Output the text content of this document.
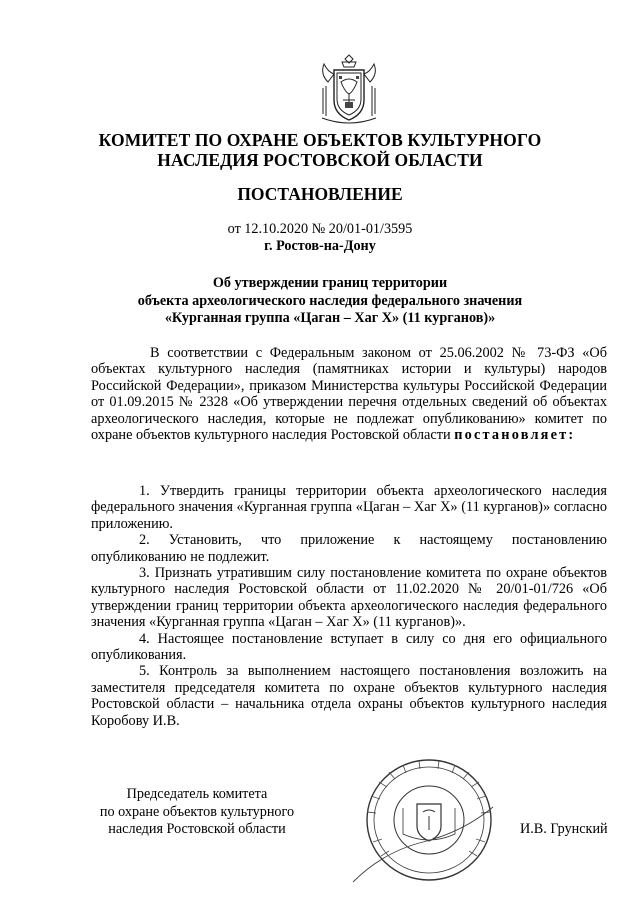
КОМИТЕТ ПО ОХРАНЕ ОБЪЕКТОВ КУЛЬТУРНОГО
НАСЛЕДИЯ РОСТОВСКОЙ ОБЛАСТИ
ПОСТАНОВЛЕНИЕ
от 12.10.2020 № 20/01-01/3595
г. Ростов-на-Дону
Об утверждении границ территории
объекта археологического наследия федерального значения
«Курганная группа «Цаган – Хаг Х» (11 курганов)»
В соответствии с Федеральным законом от 25.06.2002 № 73-ФЗ «Об объектах культурного наследия (памятниках истории и культуры) народов Российской Федерации», приказом Министерства культуры Российской Федерации от 01.09.2015 № 2328 «Об утверждении перечня отдельных сведений об объектах археологического наследия, которые не подлежат опубликованию» комитет по охране объектов культурного наследия Ростовской области постановляет:

1. Утвердить границы территории объекта археологического наследия федерального значения «Курганная группа «Цаган – Хаг Х» (11 курганов)» согласно приложению.

2. Установить, что приложение к настоящему постановлению опубликованию не подлежит.

3. Признать утратившим силу постановление комитета по охране объектов культурного наследия Ростовской области от 11.02.2020 № 20/01-01/726 «Об утверждении границ территории объекта археологического наследия федерального значения «Курганная группа «Цаган – Хаг Х» (11 курганов)».

4. Настоящее постановление вступает в силу со дня его официального опубликования.

5. Контроль за выполнением настоящего постановления возложить на заместителя председателя комитета по охране объектов культурного наследия Ростовской области – начальника отдела охраны объектов культурного наследия Коробову И.В.

Председатель комитета
по охране объектов культурного
наследия Ростовской области	И.В. Грунский
